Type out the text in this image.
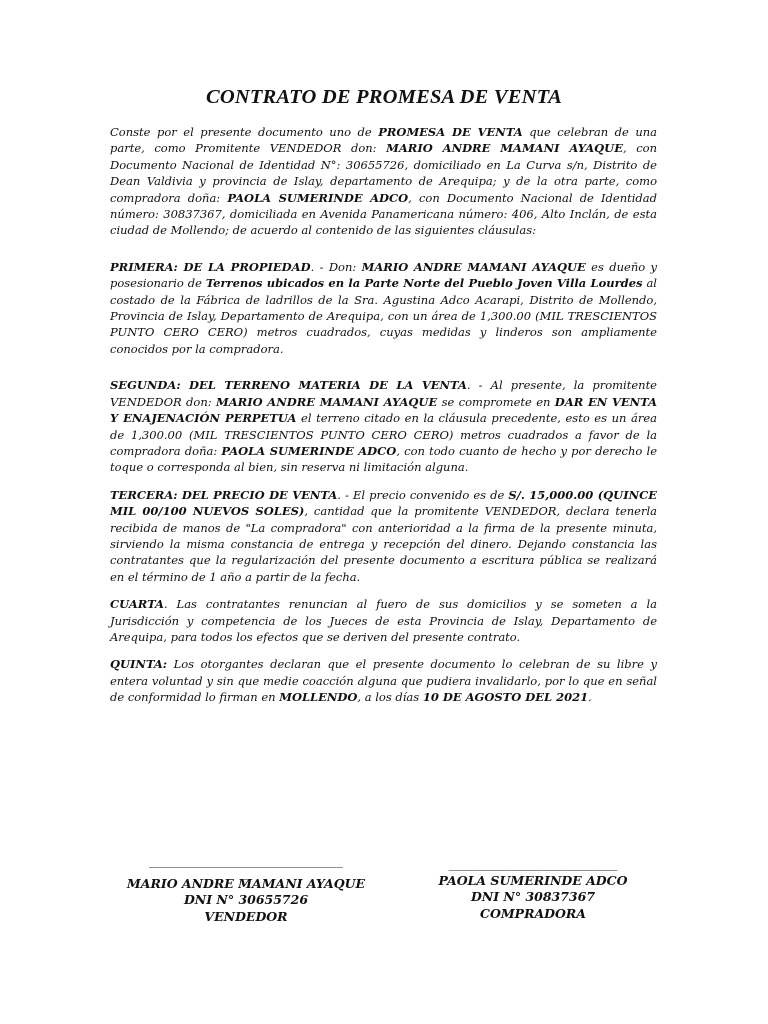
CONTRATO DE PROMESA DE VENTA

Conste por el presente documento uno de PROMESA DE VENTA que celebran de una parte, como Promitente VENDEDOR don: MARIO ANDRE MAMANI AYAQUE, con Documento Nacional de Identidad N°: 30655726, domiciliado en La Curva s/n, Distrito de Dean Valdivia y provincia de Islay, departamento de Arequipa; y de la otra parte, como compradora doña: PAOLA SUMERINDE ADCO, con Documento Nacional de Identidad número: 30837367, domiciliada en Avenida Panamericana número: 406, Alto Inclán, de esta ciudad de Mollendo; de acuerdo al contenido de las siguientes cláusulas:

PRIMERA: DE LA PROPIEDAD. - Don: MARIO ANDRE MAMANI AYAQUE es dueño y posesionario de Terrenos ubicados en la Parte Norte del Pueblo Joven Villa Lourdes al costado de la Fábrica de ladrillos de la Sra. Agustina Adco Acarapi, Distrito de Mollendo, Provincia de Islay, Departamento de Arequipa, con un área de 1,300.00 (MIL TRESCIENTOS PUNTO CERO CERO) metros cuadrados, cuyas medidas y linderos son ampliamente conocidos por la compradora.

SEGUNDA: DEL TERRENO MATERIA DE LA VENTA. - Al presente, la promitente VENDEDOR don: MARIO ANDRE MAMANI AYAQUE se compromete en DAR EN VENTA Y ENAJENACIÓN PERPETUA el terreno citado en la cláusula precedente, esto es un área de 1,300.00 (MIL TRESCIENTOS PUNTO CERO CERO) metros cuadrados a favor de la compradora doña: PAOLA SUMERINDE ADCO, con todo cuanto de hecho y por derecho le toque o corresponda al bien, sin reserva ni limitación alguna.

TERCERA: DEL PRECIO DE VENTA. - El precio convenido es de S/. 15,000.00 (QUINCE MIL 00/100 NUEVOS SOLES), cantidad que la promitente VENDEDOR, declara tenerla recibida de manos de "La compradora" con anterioridad a la firma de la presente minuta, sirviendo la misma constancia de entrega y recepción del dinero. Dejando constancia las contratantes que la regularización del presente documento a escritura pública se realizará en el término de 1 año a partir de la fecha.

CUARTA. Las contratantes renuncian al fuero de sus domicilios y se someten a la Jurisdicción y competencia de los Jueces de esta Provincia de Islay, Departamento de Arequipa, para todos los efectos que se deriven del presente contrato.

QUINTA: Los otorgantes declaran que el presente documento lo celebran de su libre y entera voluntad y sin que medie coacción alguna que pudiera invalidarlo, por lo que en señal de conformidad lo firman en MOLLENDO, a los días 10 DE AGOSTO DEL 2021.

_______________________________
_
MARIO ANDRE MAMANI AYAQUE
DNI N° 30655726
VENDEDOR
___________________________
PAOLA SUMERINDE ADCO
DNI N° 30837367
COMPRADORA
